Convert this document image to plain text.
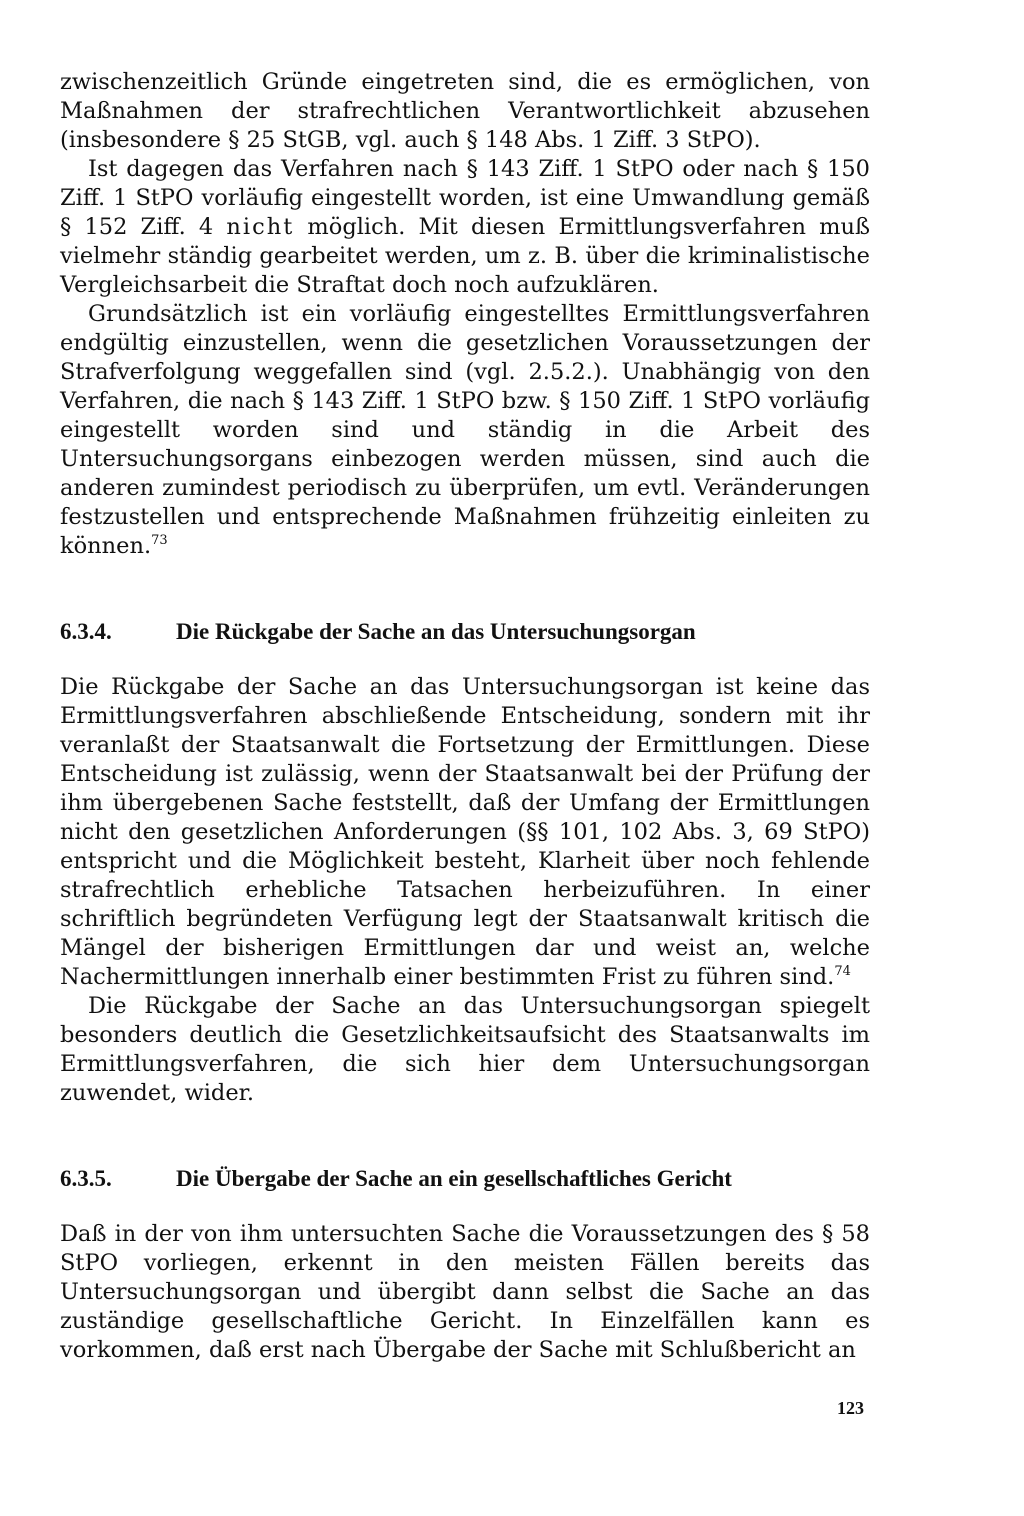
zwischenzeitlich Gründe eingetreten sind, die es ermöglichen, von Maßnahmen der strafrechtlichen Verantwortlichkeit abzusehen (insbesondere § 25 StGB, vgl. auch § 148 Abs. 1 Ziff. 3 StPO).

Ist dagegen das Verfahren nach § 143 Ziff. 1 StPO oder nach § 150 Ziff. 1 StPO vorläufig eingestellt worden, ist eine Umwandlung gemäß § 152 Ziff. 4 nicht möglich. Mit diesen Ermittlungsverfahren muß vielmehr ständig gearbeitet werden, um z. B. über die kriminalistische Vergleichsarbeit die Straftat doch noch aufzuklären.

Grundsätzlich ist ein vorläufig eingestelltes Ermittlungsverfahren endgültig einzustellen, wenn die gesetzlichen Voraussetzungen der Strafverfolgung weggefallen sind (vgl. 2.5.2.). Unabhängig von den Verfahren, die nach § 143 Ziff. 1 StPO bzw. § 150 Ziff. 1 StPO vorläufig eingestellt worden sind und ständig in die Arbeit des Untersuchungsorgans einbezogen werden müssen, sind auch die anderen zumindest periodisch zu überprüfen, um evtl. Veränderungen festzustellen und entsprechende Maßnahmen frühzeitig einleiten zu können.$^{73}$

6.3.4.	Die Rückgabe der Sache an das Untersuchungsorgan

Die Rückgabe der Sache an das Untersuchungsorgan ist keine das Ermittlungsverfahren abschließende Entscheidung, sondern mit ihr veranlaßt der Staatsanwalt die Fortsetzung der Ermittlungen. Diese Entscheidung ist zulässig, wenn der Staatsanwalt bei der Prüfung der ihm übergebenen Sache feststellt, daß der Umfang der Ermittlungen nicht den gesetzlichen Anforderungen (§§ 101, 102 Abs. 3, 69 StPO) entspricht und die Möglichkeit besteht, Klarheit über noch fehlende strafrechtlich erhebliche Tatsachen herbeizuführen. In einer schriftlich begründeten Verfügung legt der Staatsanwalt kritisch die Mängel der bisherigen Ermittlungen dar und weist an, welche Nachermittlungen innerhalb einer bestimmten Frist zu führen sind.$^{74}$

Die Rückgabe der Sache an das Untersuchungsorgan spiegelt besonders deutlich die Gesetzlichkeitsaufsicht des Staatsanwalts im Ermittlungsverfahren, die sich hier dem Untersuchungsorgan zuwendet, wider.

6.3.5.	Die Übergabe der Sache an ein gesellschaftliches Gericht

Daß in der von ihm untersuchten Sache die Voraussetzungen des § 58 StPO vorliegen, erkennt in den meisten Fällen bereits das Untersuchungsorgan und übergibt dann selbst die Sache an das zuständige gesellschaftliche Gericht. In Einzelfällen kann es vorkommen, daß erst nach Übergabe der Sache mit Schlußbericht an

123
